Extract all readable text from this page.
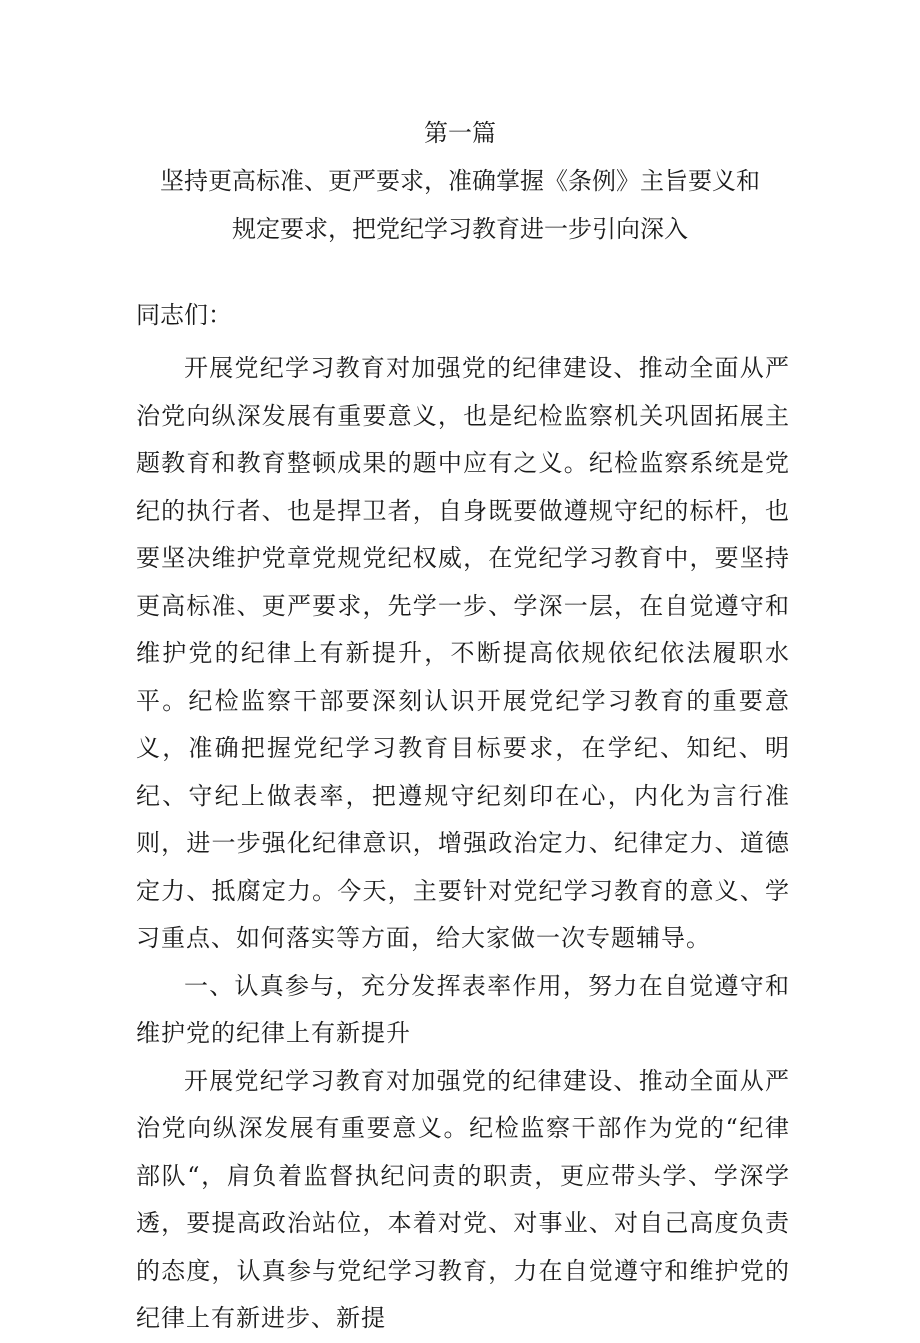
第一篇
坚持更高标准、更严要求，准确掌握《条例》主旨要义和
规定要求，把党纪学习教育进一步引向深入
同志们：

开展党纪学习教育对加强党的纪律建设、推动全面从严治党向纵深发展有重要意义，也是纪检监察机关巩固拓展主题教育和教育整顿成果的题中应有之义。纪检监察系统是党纪的执行者、也是捍卫者，自身既要做遵规守纪的标杆，也要坚决维护党章党规党纪权威，在党纪学习教育中，要坚持更高标准、更严要求，先学一步、学深一层，在自觉遵守和维护党的纪律上有新提升，不断提高依规依纪依法履职水平。纪检监察干部要深刻认识开展党纪学习教育的重要意义，准确把握党纪学习教育目标要求，在学纪、知纪、明纪、守纪上做表率，把遵规守纪刻印在心，内化为言行准则，进一步强化纪律意识，增强政治定力、纪律定力、道德定力、抵腐定力。今天，主要针对党纪学习教育的意义、学习重点、如何落实等方面，给大家做一次专题辅导。

一、认真参与，充分发挥表率作用，努力在自觉遵守和维护党的纪律上有新提升

开展党纪学习教育对加强党的纪律建设、推动全面从严治党向纵深发展有重要意义。纪检监察干部作为党的“纪律部队“，肩负着监督执纪问责的职责，更应带头学、学深学透，要提高政治站位，本着对党、对事业、对自己高度负责的态度，认真参与党纪学习教育，力在自觉遵守和维护党的纪律上有新进步、新提
